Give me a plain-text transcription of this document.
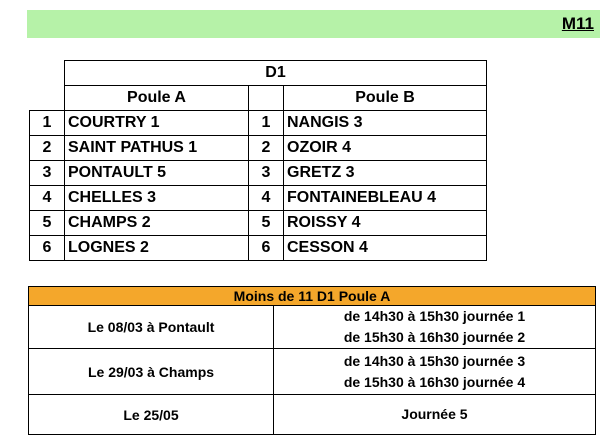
M11
	D1		
	Poule A		Poule B
1	COURTRY 1	1	NANGIS 3
2	SAINT PATHUS 1	2	OZOIR 4
3	PONTAULT 5	3	GRETZ 3
4	CHELLES 3	4	FONTAINEBLEAU 4
5	CHAMPS 2	5	ROISSY 4
6	LOGNES 2	6	CESSON 4
Moins de 11 D1 Poule A	
Le 08/03 à Pontault	de 14h30 à 15h30 journée 1
de 15h30 à 16h30 journée 2

Le 29/03 à Champs	de 14h30 à 15h30 journée 3
de 15h30 à 16h30 journée 4

Le 25/05	Journée 5
